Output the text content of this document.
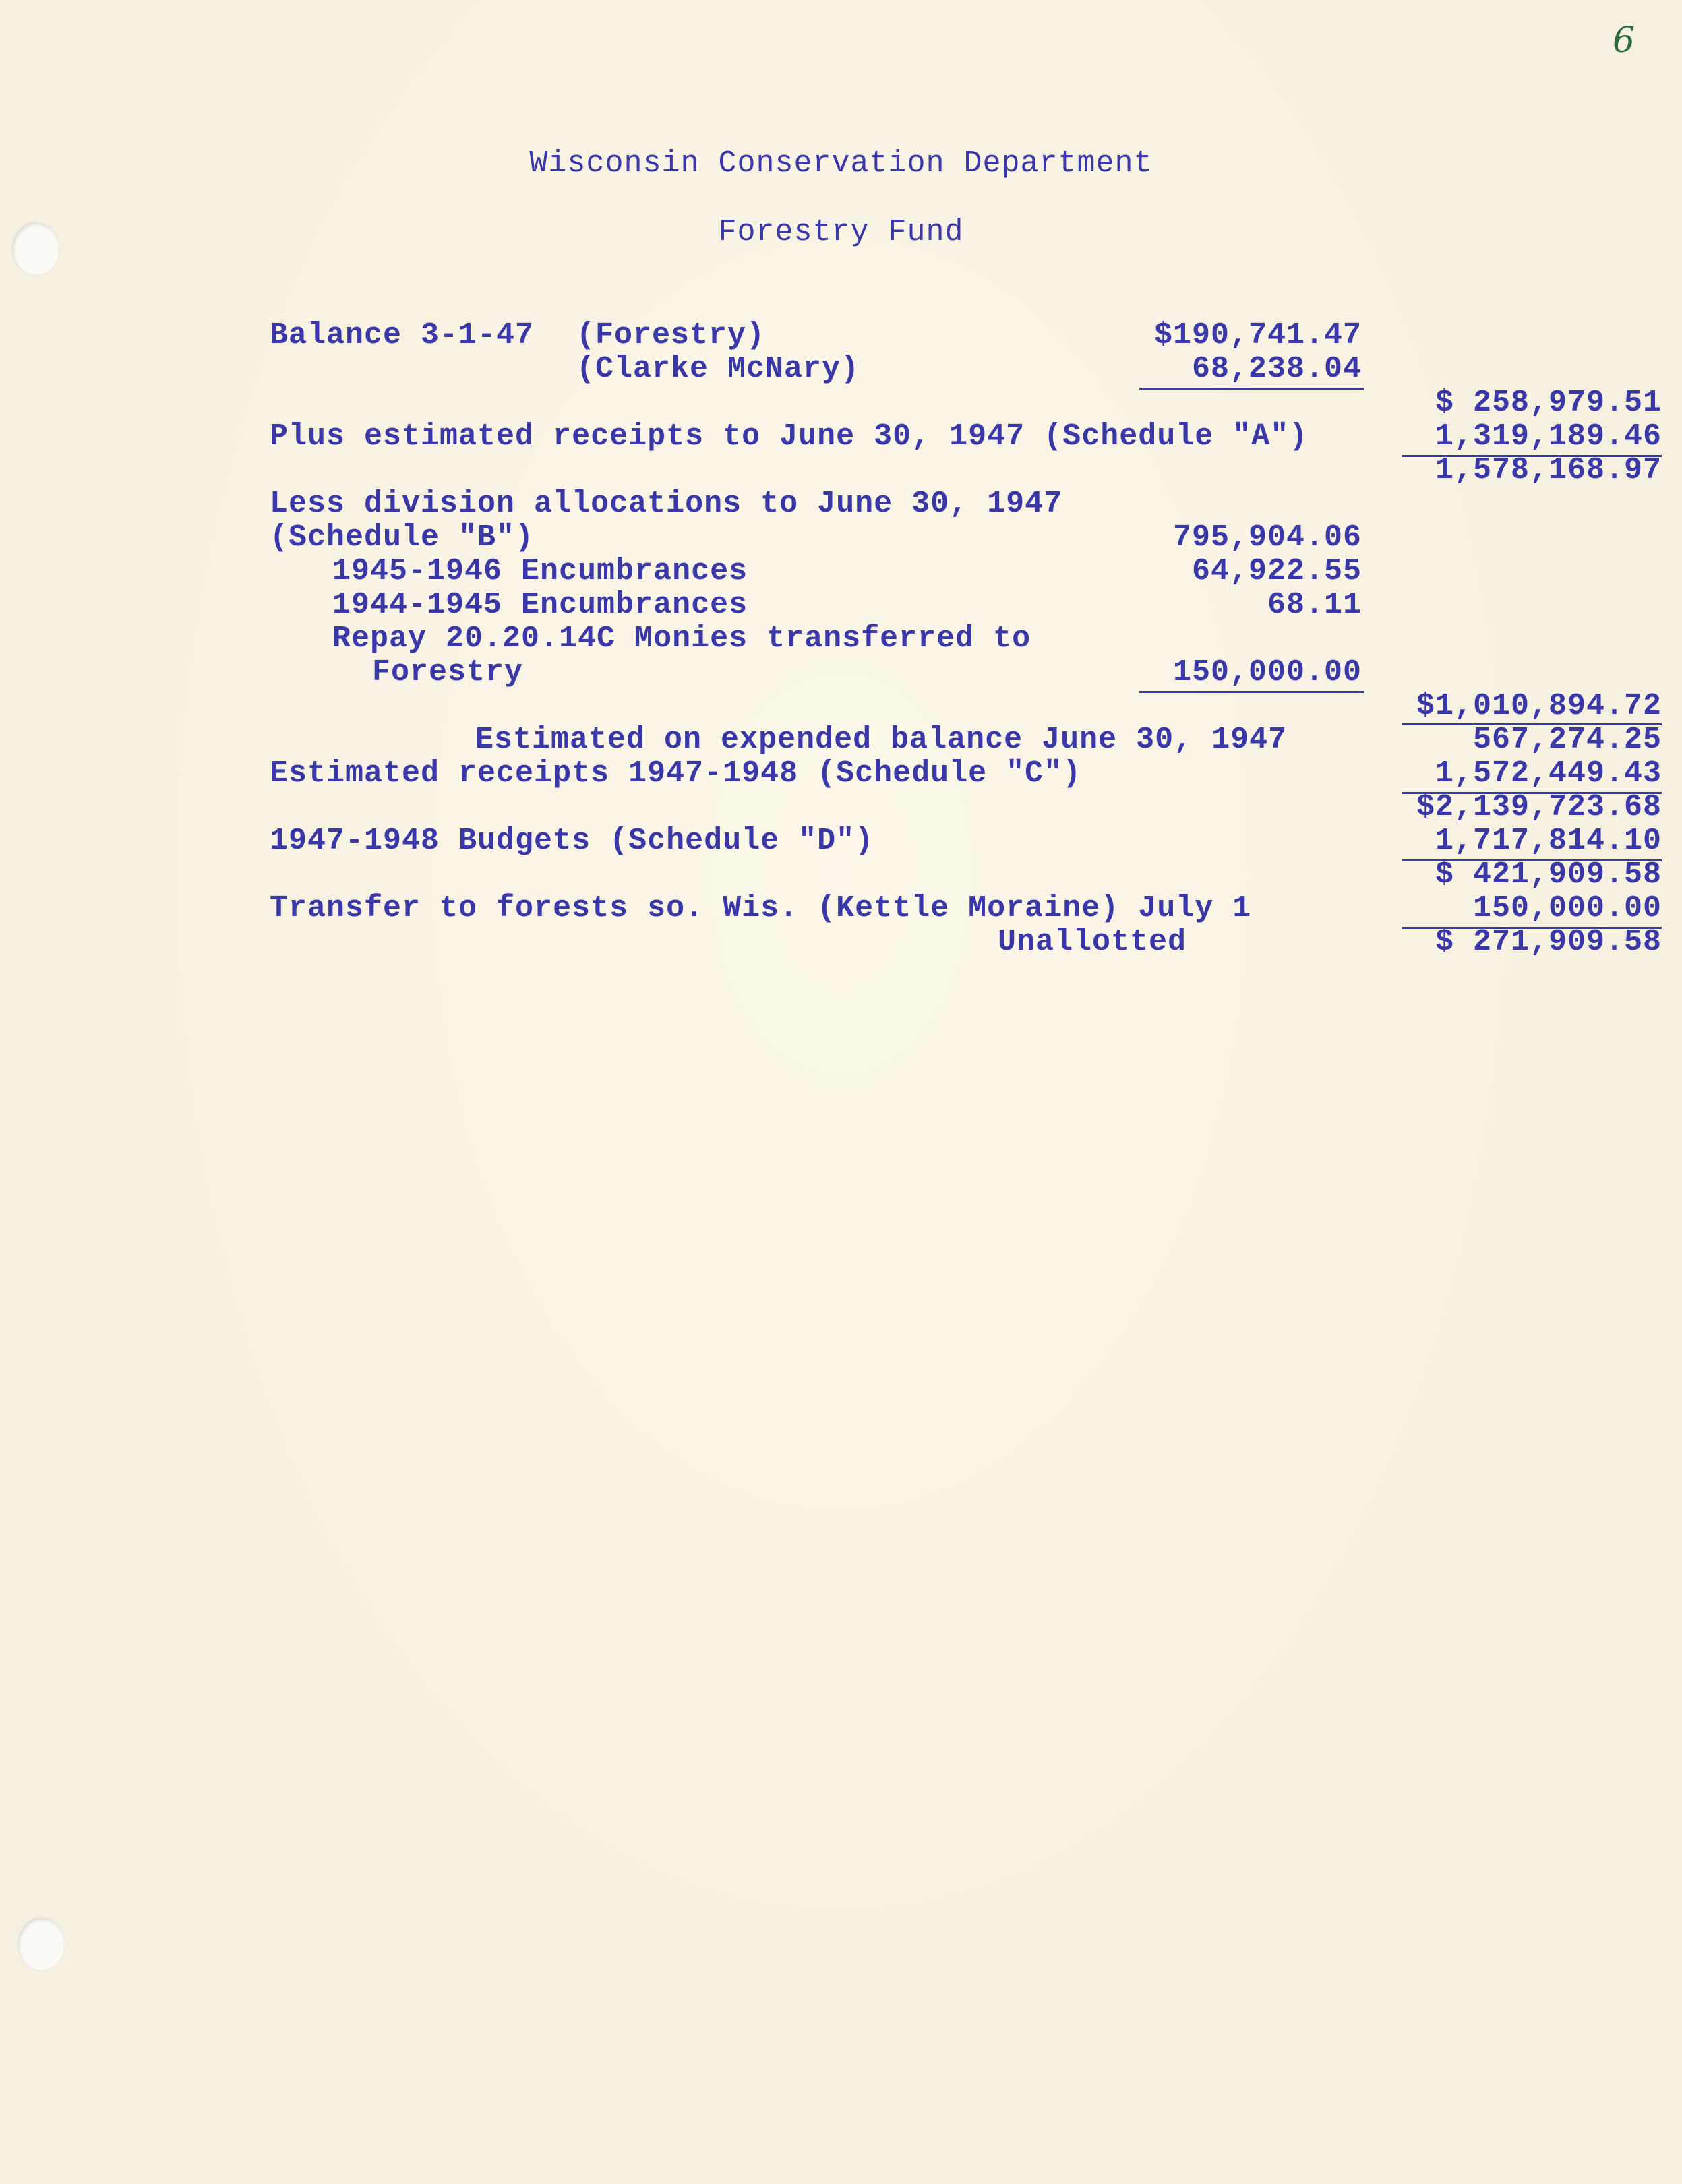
6
Wisconsin Conservation Department
Forestry Fund
Balance 3-1-47 (Forestry)	$190,741.47
(Clarke McNary)	68,238.04
$ 258,979.51
Plus estimated receipts to June 30, 1947 (Schedule "A")	1,319,189.46
1,578,168.97
Less division allocations to June 30, 1947
(Schedule "B")	795,904.06
1945-1946 Encumbrances	64,922.55
1944-1945 Encumbrances	68.11
Repay 20.20.14C Monies transferred to
Forestry	150,000.00
$1,010,894.72
Estimated on expended balance June 30, 1947	567,274.25
Estimated receipts 1947-1948 (Schedule "C")	1,572,449.43
$2,139,723.68
1947-1948 Budgets (Schedule "D")	1,717,814.10
$ 421,909.58
Transfer to forests so. Wis. (Kettle Moraine) July 1	150,000.00
Unallotted	$ 271,909.58
